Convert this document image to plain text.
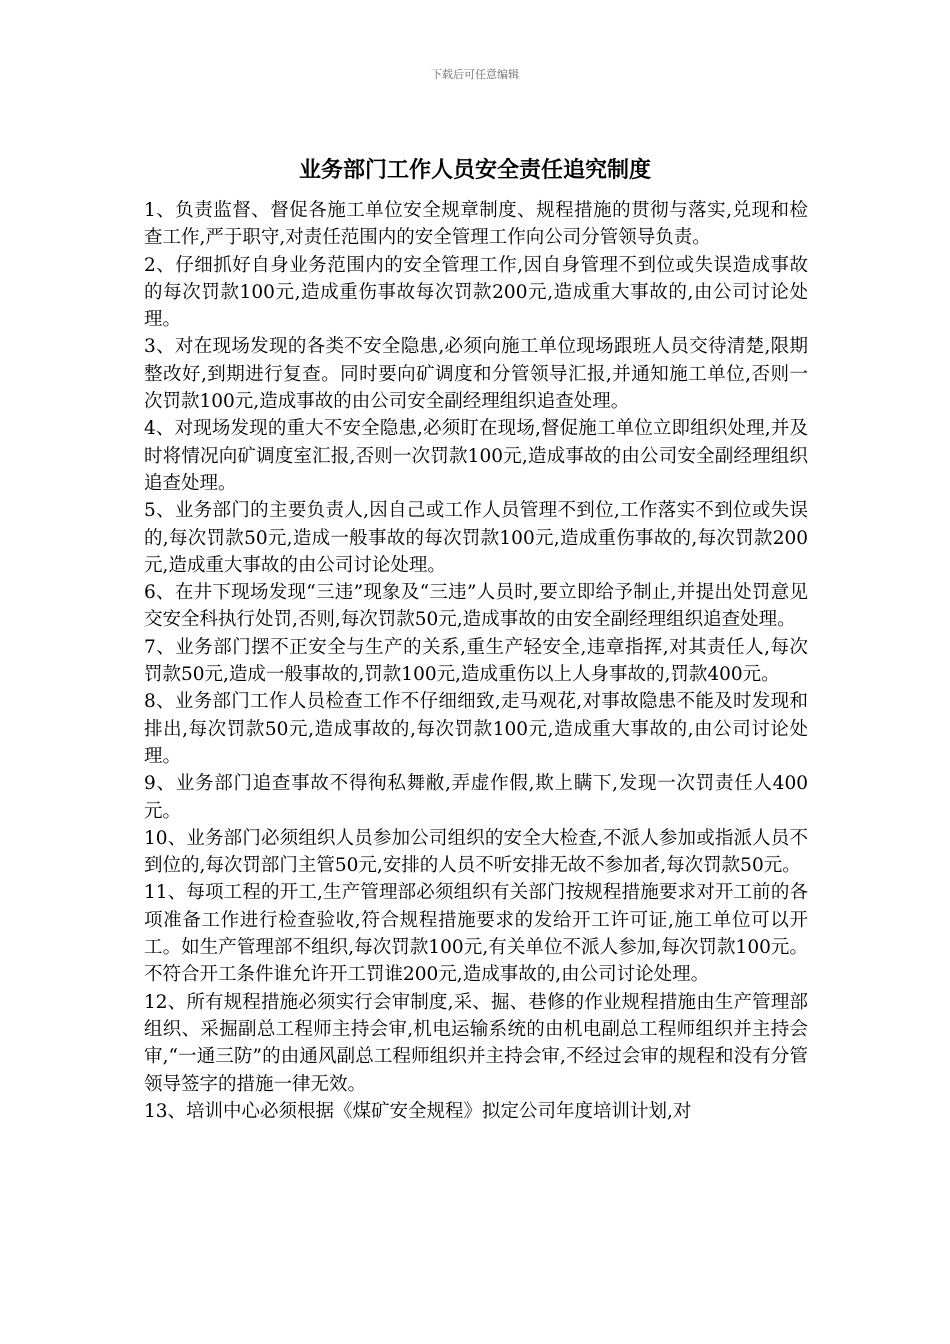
下载后可任意编辑
业务部门工作人员安全责任追究制度

1、负责监督、督促各施工单位安全规章制度、规程措施的贯彻与落实,兑现和检查工作,严于职守,对责任范围内的安全管理工作向公司分管领导负责。

2、仔细抓好自身业务范围内的安全管理工作,因自身管理不到位或失误造成事故的每次罚款100元,造成重伤事故每次罚款200元,造成重大事故的,由公司讨论处理。

3、对在现场发现的各类不安全隐患,必须向施工单位现场跟班人员交待清楚,限期整改好,到期进行复查。同时要向矿调度和分管领导汇报,并通知施工单位,否则一次罚款100元,造成事故的由公司安全副经理组织追查处理。

4、对现场发现的重大不安全隐患,必须盯在现场,督促施工单位立即组织处理,并及时将情况向矿调度室汇报,否则一次罚款100元,造成事故的由公司安全副经理组织追查处理。

5、业务部门的主要负责人,因自己或工作人员管理不到位,工作落实不到位或失误的,每次罚款50元,造成一般事故的每次罚款100元,造成重伤事故的,每次罚款200元,造成重大事故的由公司讨论处理。

6、在井下现场发现“三违”现象及“三违”人员时,要立即给予制止,并提出处罚意见交安全科执行处罚,否则,每次罚款50元,造成事故的由安全副经理组织追查处理。

7、业务部门摆不正安全与生产的关系,重生产轻安全,违章指挥,对其责任人,每次罚款50元,造成一般事故的,罚款100元,造成重伤以上人身事故的,罚款400元。

8、业务部门工作人员检查工作不仔细细致,走马观花,对事故隐患不能及时发现和排出,每次罚款50元,造成事故的,每次罚款100元,造成重大事故的,由公司讨论处理。

9、业务部门追查事故不得徇私舞敝,弄虚作假,欺上瞒下,发现一次罚责任人400元。

10、业务部门必须组织人员参加公司组织的安全大检查,不派人参加或指派人员不到位的,每次罚部门主管50元,安排的人员不听安排无故不参加者,每次罚款50元。

11、每项工程的开工,生产管理部必须组织有关部门按规程措施要求对开工前的各项准备工作进行检查验收,符合规程措施要求的发给开工许可证,施工单位可以开工。如生产管理部不组织,每次罚款100元,有关单位不派人参加,每次罚款100元。不符合开工条件谁允许开工罚谁200元,造成事故的,由公司讨论处理。

12、所有规程措施必须实行会审制度,采、掘、巷修的作业规程措施由生产管理部组织、采掘副总工程师主持会审,机电运输系统的由机电副总工程师组织并主持会审,“一通三防”的由通风副总工程师组织并主持会审,不经过会审的规程和没有分管领导签字的措施一律无效。

13、培训中心必须根据《煤矿安全规程》拟定公司年度培训计划,对
